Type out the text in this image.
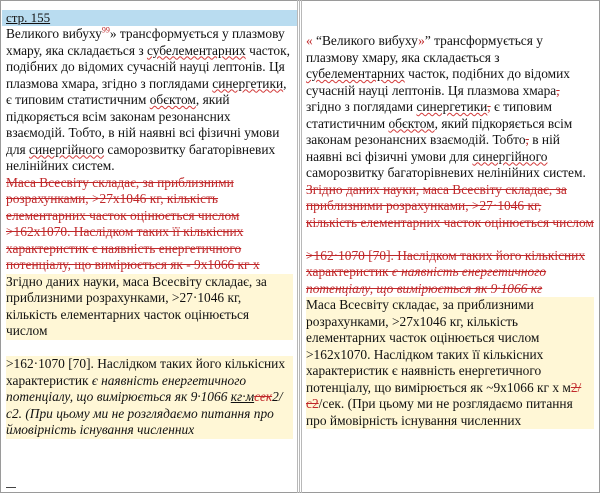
стр. 155

Великого вибуху$^{99}$» трансформується у плазмову хмару, яка складається з субелементарних часток, подібних до відомих сучасній науці лептонів. Ця плазмова хмара, згідно з поглядами синергетики, є типовим статистичним обєктом, який підкоряється всім законам резонансних взаємодій. Тобто, в ній наявні всі фізичні умови для синергійного саморозвитку багаторівневих нелінійних систем.

Маса Всесвіту складає, за приблизними розрахунками, >27х1046 кг, кількість елементарних часток оцінюється числом >162х1070. Наслідком таких її кількісних характеристик є наявність енергетичного потенціалу, що вимірюється як - 9х1066 кг х

Згідно даних науки, маса Всесвіту складає, за приблизними розрахунками, >27·1046 кг, кількість елементарних часток оцінюється числом

>162·1070 [70]. Наслідком таких його кількісних характеристик є наявність енергетичного потенціалу, що вимірюється як 9·1066 кг·мсек2/с2. (При цьому ми не розглядаємо питання про ймовірність існування численних

« “Великого вибуху»” трансформується у плазмову хмару, яка складається з субелементарних часток, подібних до відомих сучасній науці лептонів. Ця плазмова хмара, згідно з поглядами синергетики, є типовим статистичним обєктом, який підкоряється всім законам резонансних взаємодій. Тобто, в ній наявні всі фізичні умови для синергійного саморозвитку багаторівневих нелінійних систем.

Згідно даних науки, маса Всесвіту складає, за приблизними розрахунками, >27·1046 кг, кількість елементарних часток оцінюється числом

>162·1070 [70]. Наслідком таких його кількісних характеристик є наявність енергетичного потенціалу, що вимірюється як 9·1066 кг

Маса Всесвіту складає, за приблизними розрахунками, >27х1046 кг, кількість елементарних часток оцінюється числом >162х1070. Наслідком таких її кількісних характеристик є наявність енергетичного потенціалу, що вимірюється як ~9х1066 кг х м2/с2/сек. (При цьому ми не розглядаємо питання про ймовірність існування численних
